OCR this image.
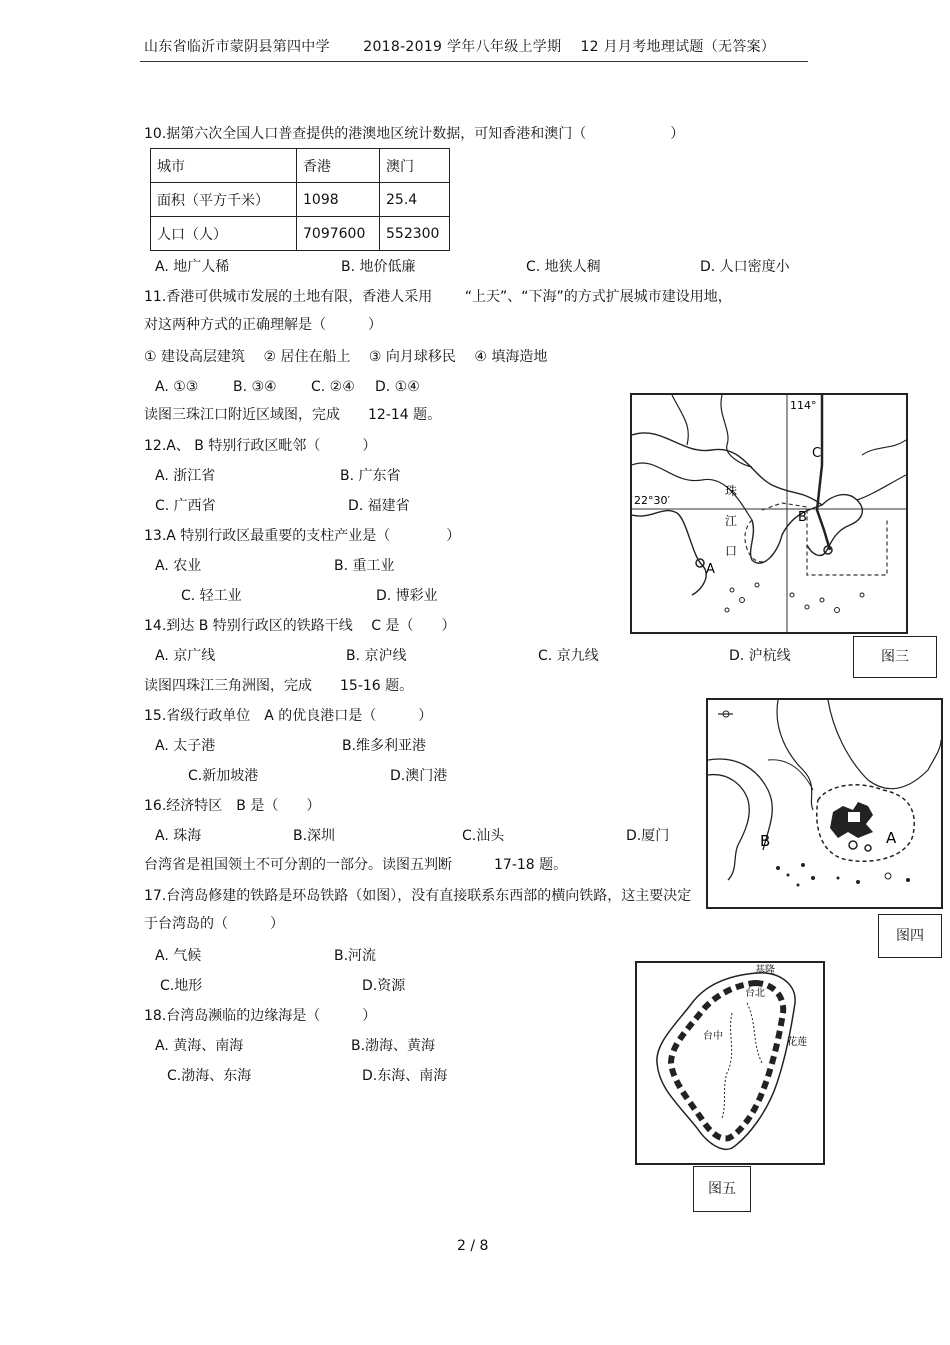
山东省临沂市蒙阴县第四中学　　 2018-2019 学年八年级上学期　 12 月月考地理试题（无答案）
10.据第六次全国人口普查提供的港澳地区统计数据，可知香港和澳门（　　　　　　）
城市	香港	澳门
面积（平方千米）	1098	25.4
人口（人）	7097600	552300
A. 地广人稀	B. 地价低廉	C. 地狭人稠	D. 人口密度小
11.香港可供城市发展的土地有限，香港人采用　　 “上天”、“下海”的方式扩展城市建设用地，
对这两种方式的正确理解是（　　　）
① 建设高层建筑　 ② 居住在船上　 ③ 向月球移民　 ④ 填海造地
A. ①③ B. ③④ C. ②④ D. ①④
读图三珠江口附近区域图，完成　　12-14 题。
12.A、 B 特别行政区毗邻（　　　）
A. 浙江省	B. 广东省
C. 广西省	D. 福建省
13.A 特别行政区最重要的支柱产业是（　　　　）
A. 农业	B. 重工业
C. 轻工业	D. 博彩业
14.到达 B 特别行政区的铁路干线　 C 是（　　）
A. 京广线	B. 京沪线	C. 京九线	D. 沪杭线
读图四珠江三角洲图，完成　　15-16 题。
15.省级行政单位　A 的优良港口是（　　　）
A. 太子港	B.维多利亚港
C.新加坡港	D.澳门港
16.经济特区　B 是（　　）
A. 珠海	B.深圳	C.汕头	D.厦门
台湾省是祖国领土不可分割的一部分。读图五判断　　　17-18 题。
17.台湾岛修建的铁路是环岛铁路（如图），没有直接联系东西部的横向铁路，这主要决定
于台湾岛的（　　　）
A. 气候	B.河流
C.地形	D.资源
18.台湾岛濒临的边缘海是（　　　）
A. 黄海、南海	B.渤海、黄海
C.渤海、东海	D.东海、南海
114°
22°30′
珠
江
口
A
B
C
图三
B	A
图四
基隆
台北
台中
花莲
图五
2 / 8
